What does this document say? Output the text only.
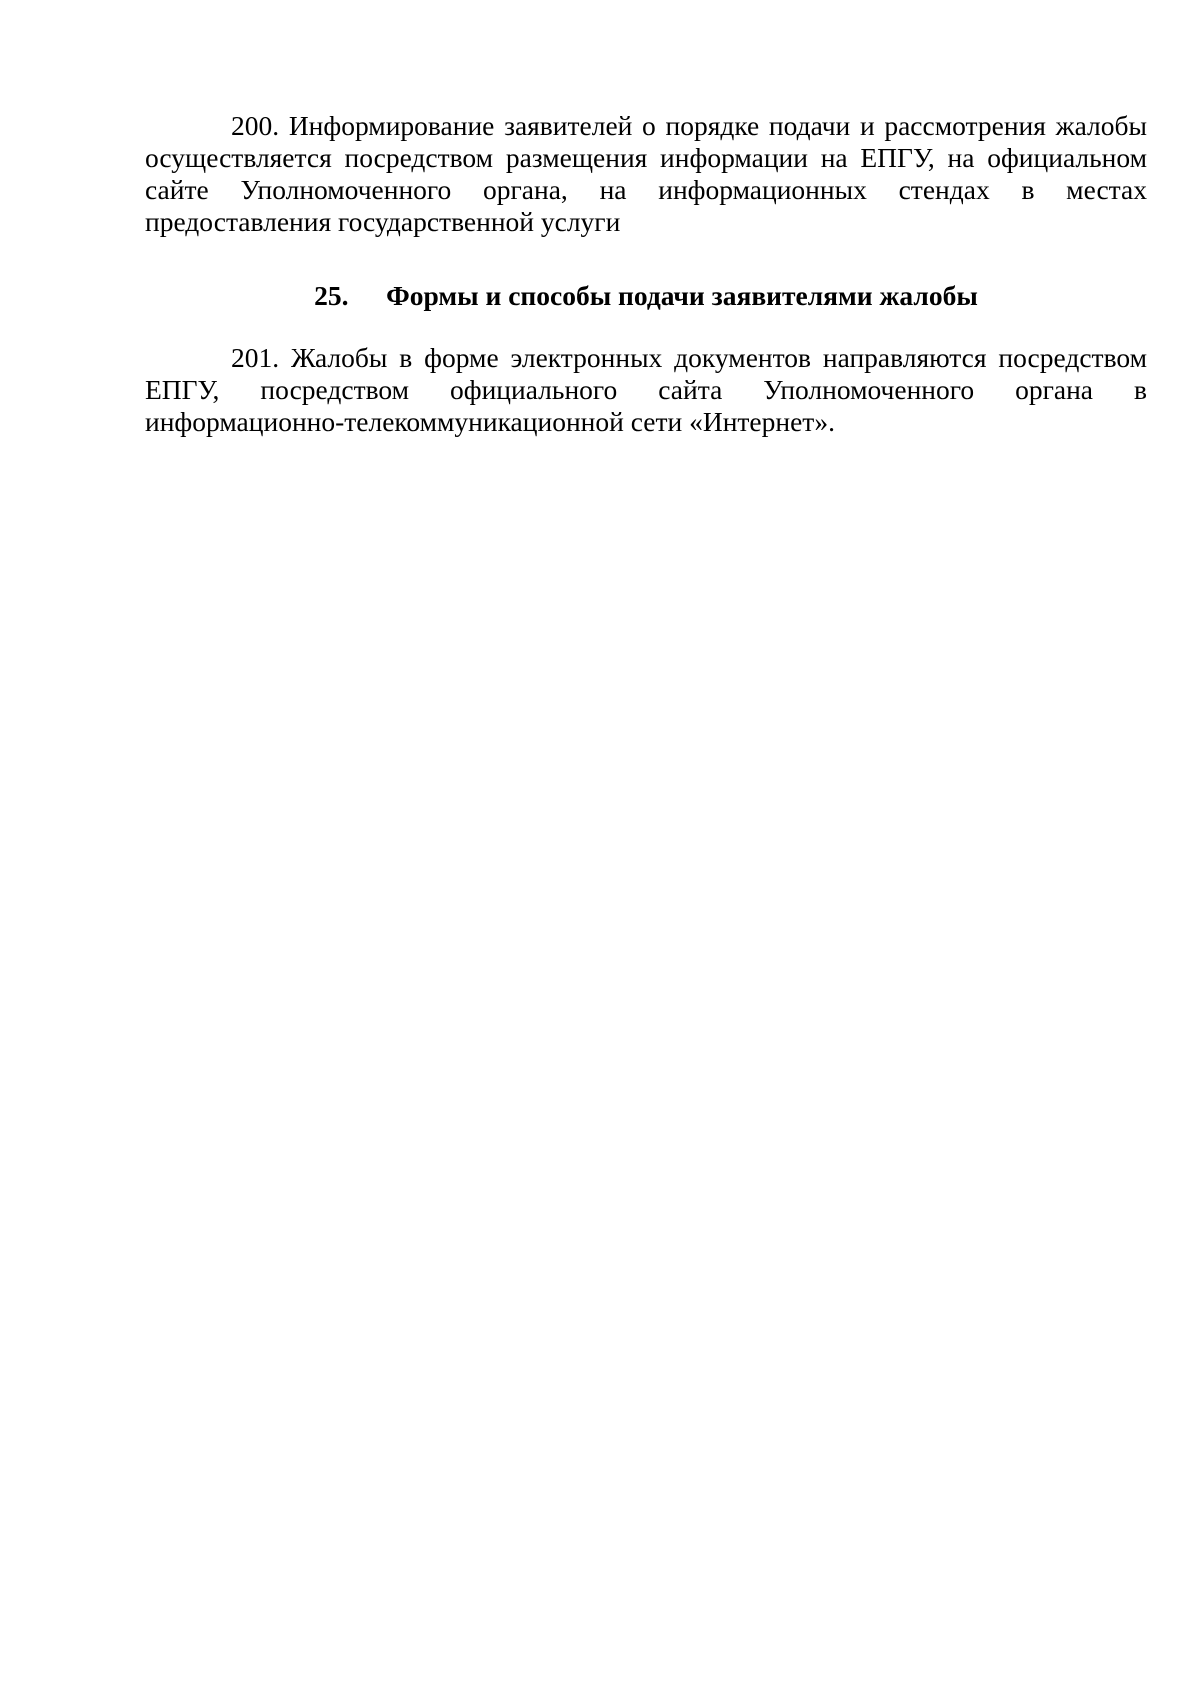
200. Информирование заявителей о порядке подачи и рассмотрения жалобы осуществляется посредством размещения информации на ЕПГУ, на официальном сайте Уполномоченного органа, на информационных стендах в местах предоставления государственной услуги

25.	Формы и способы подачи заявителями жалобы

201. Жалобы в форме электронных документов направляются посредством ЕПГУ, посредством официального сайта Уполномоченного органа в информационно-телекоммуникационной сети «Интернет».
